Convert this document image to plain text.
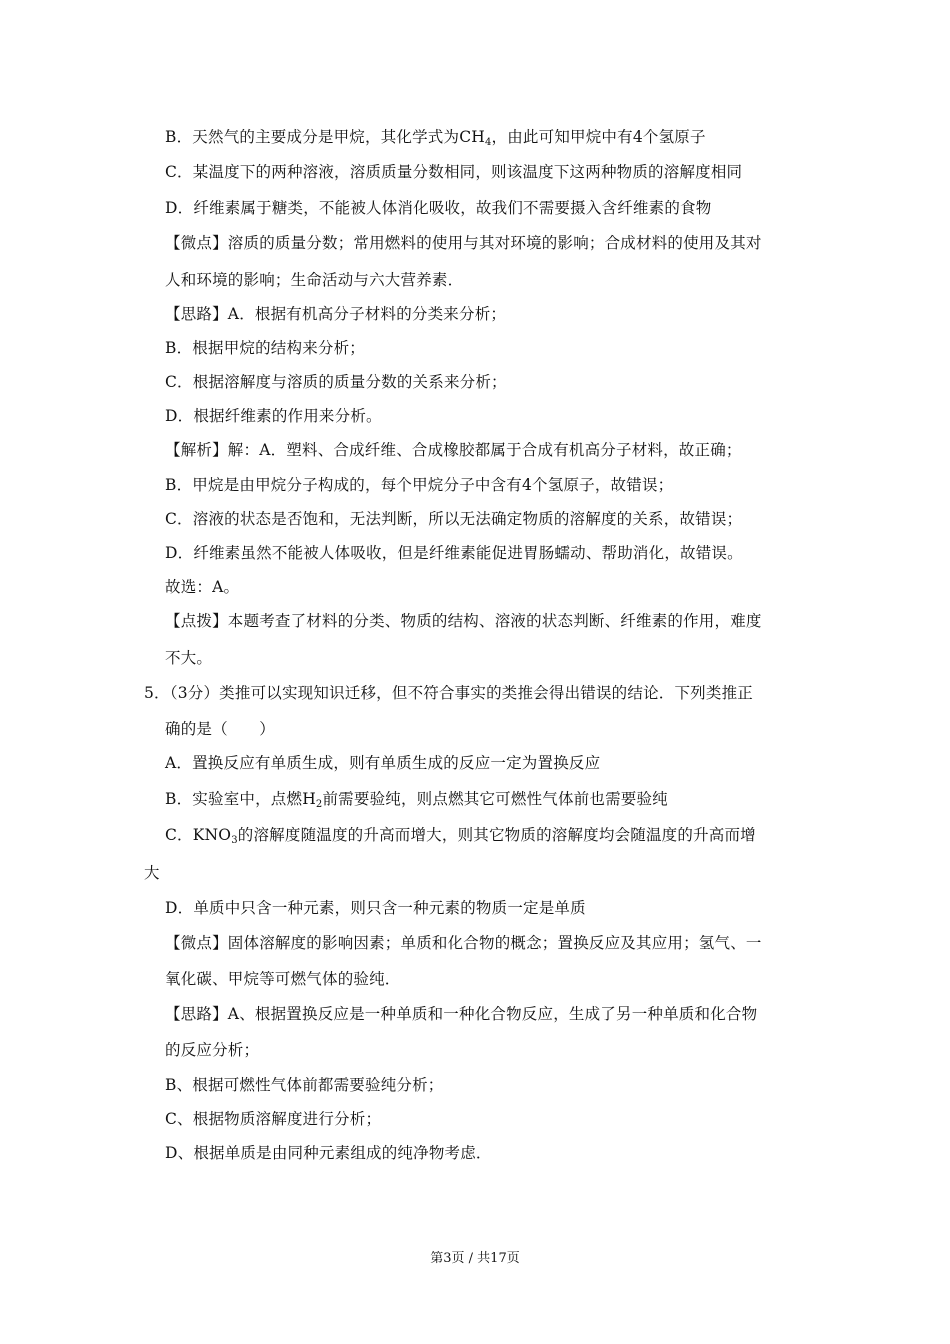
B．天然气的主要成分是甲烷，其化学式为$CH_4$，由此可知甲烷中有4个氢原子
C．某温度下的两种溶液，溶质质量分数相同，则该温度下这两种物质的溶解度相同
D．纤维素属于糖类，不能被人体消化吸收，故我们不需要摄入含纤维素的食物
【微点】溶质的质量分数；常用燃料的使用与其对环境的影响；合成材料的使用及其对
人和环境的影响；生命活动与六大营养素．
【思路】A．根据有机高分子材料的分类来分析；
B．根据甲烷的结构来分析；
C．根据溶解度与溶质的质量分数的关系来分析；
D．根据纤维素的作用来分析。
【解析】解：A．塑料、合成纤维、合成橡胶都属于合成有机高分子材料，故正确；
B．甲烷是由甲烷分子构成的，每个甲烷分子中含有4个氢原子，故错误；
C．溶液的状态是否饱和，无法判断，所以无法确定物质的溶解度的关系，故错误；
D．纤维素虽然不能被人体吸收，但是纤维素能促进胃肠蠕动、帮助消化，故错误。
故选：A。
【点拨】本题考查了材料的分类、物质的结构、溶液的状态判断、纤维素的作用，难度
不大。
5．（3分）类推可以实现知识迁移，但不符合事实的类推会得出错误的结论．下列类推正
确的是（　　）
A．置换反应有单质生成，则有单质生成的反应一定为置换反应
B．实验室中，点燃$H_2$前需要验纯，则点燃其它可燃性气体前也需要验纯
C．$KNO_3$的溶解度随温度的升高而增大，则其它物质的溶解度均会随温度的升高而增
大
D．单质中只含一种元素，则只含一种元素的物质一定是单质
【微点】固体溶解度的影响因素；单质和化合物的概念；置换反应及其应用；氢气、一
氧化碳、甲烷等可燃气体的验纯．
【思路】A、根据置换反应是一种单质和一种化合物反应，生成了另一种单质和化合物
的反应分析；
B、根据可燃性气体前都需要验纯分析；
C、根据物质溶解度进行分析；
D、根据单质是由同种元素组成的纯净物考虑．
第3页 / 共17页
